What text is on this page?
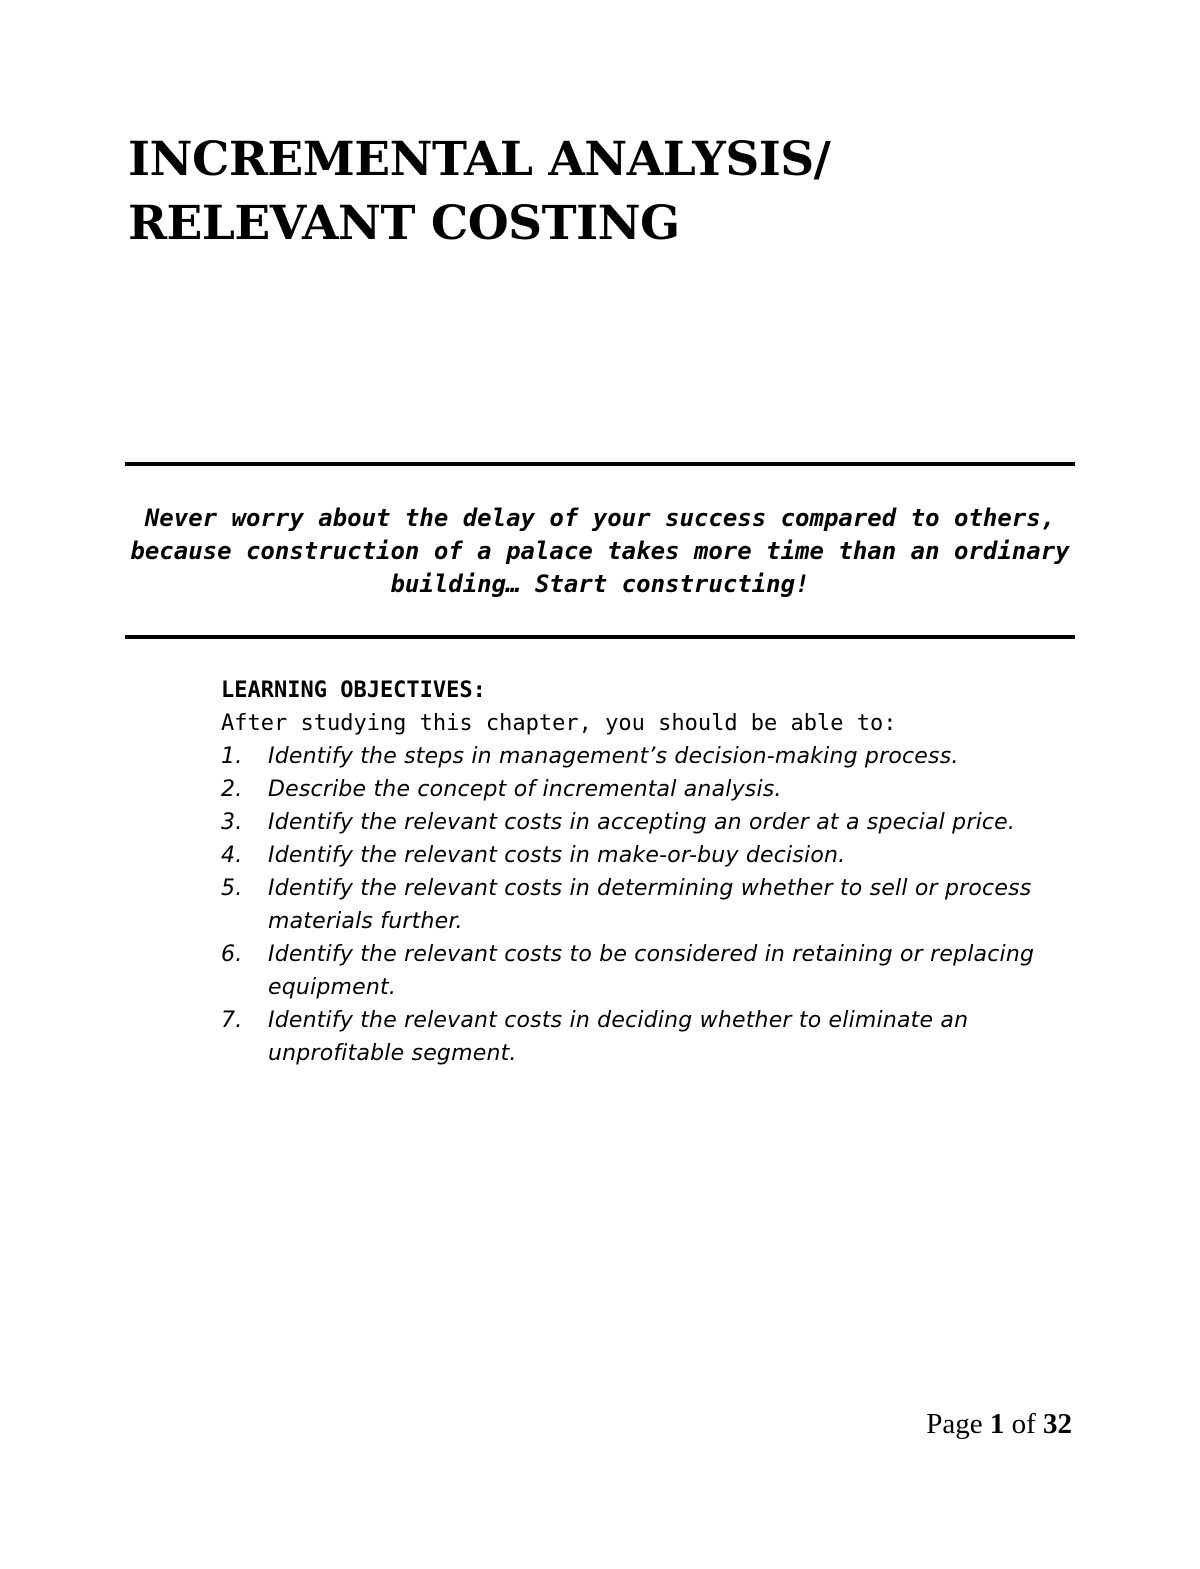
INCREMENTAL ANALYSIS/
RELEVANT COSTING

Never worry about the delay of your success compared to others, because construction of a palace takes more time than an ordinary building… Start constructing!

LEARNING OBJECTIVES:

After studying this chapter, you should be able to:

1. Identify the steps in management’s decision-making process.
2. Describe the concept of incremental analysis.
3. Identify the relevant costs in accepting an order at a special price.
4. Identify the relevant costs in make-or-buy decision.
5. Identify the relevant costs in determining whether to sell or process materials further.
6. Identify the relevant costs to be considered in retaining or replacing equipment.
7. Identify the relevant costs in deciding whether to eliminate an unprofitable segment.
Page 1 of 32
